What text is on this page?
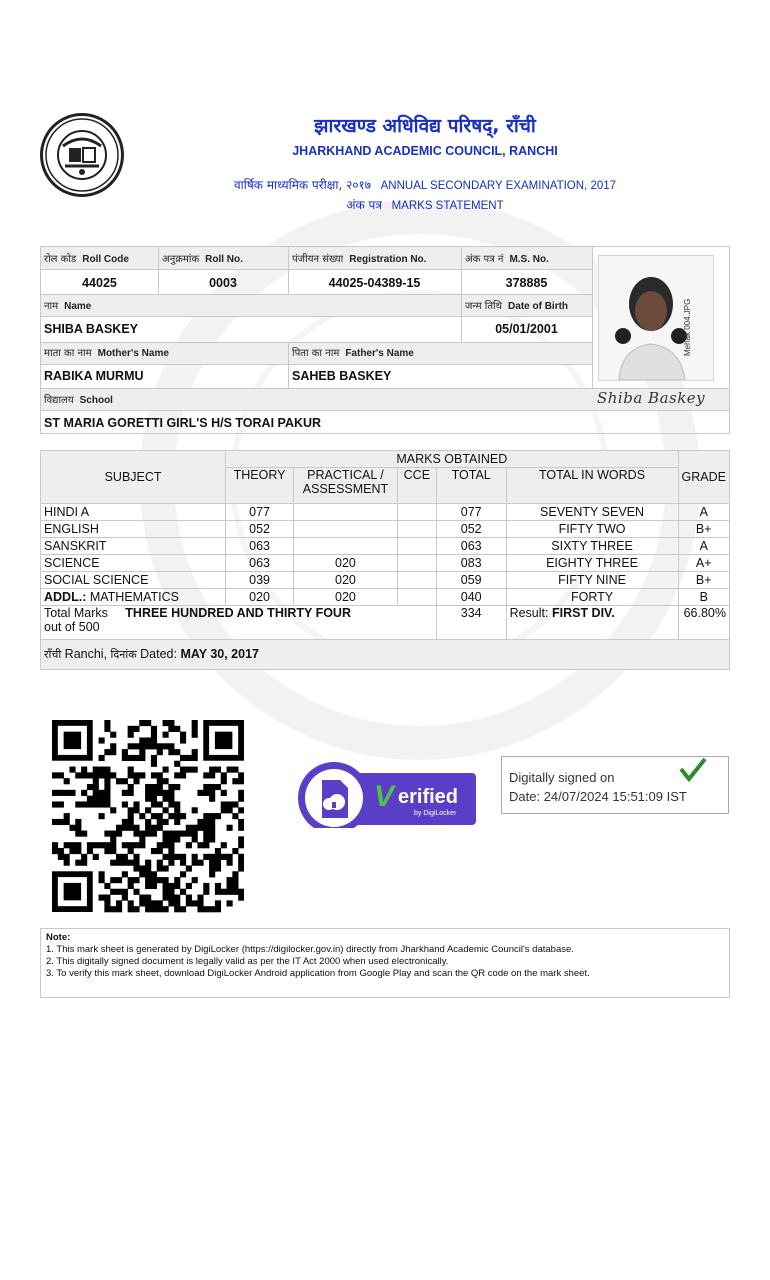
झारखण्ड अधिविद्य परिषद्, राँची
JHARKHAND ACADEMIC COUNCIL, RANCHI
वार्षिक माध्यमिक परीक्षा, २०१७ ANNUAL SECONDARY EXAMINATION, 2017
अंक पत्र MARKS STATEMENT
रोल कोड Roll Code	अनुक्रमांक Roll No.	पंजीयन संख्या Registration No.	अंक पत्र नं M.S. No.
44025	0003	44025-04389-15	378885
नाम Name	जन्म तिथि Date of Birth
SHIBA BASKEY	05/01/2001
माता का नाम Mother's Name	पिता का नाम Father's Name
RABIKA MURMU	SAHEB BASKEY
विद्यालय School
ST MARIA GORETTI GIRL'S H/S TORAI PAKUR
Mehak 004.JPG
Shiba Baskey
SUBJECT	MARKS OBTAINED					GRADE
	THEORY	PRACTICAL /
ASSESSMENT	CCE	TOTAL	TOTAL IN WORDS	
HINDI A	077			077	SEVENTY SEVEN	A
ENGLISH	052			052	FIFTY TWO	B+
SANSKRIT	063			063	SIXTY THREE	A
SCIENCE	063	020		083	EIGHTY THREE	A+
SOCIAL SCIENCE	039	020		059	FIFTY NINE	B+
ADDL.: MATHEMATICS	020	020		040	FORTY	B
Total Marks THREE HUNDRED AND THIRTY FOUR
out of 500				334	Result: FIRST DIV.	66.80%
राँची Ranchi, दिनांक Dated: MAY 30, 2017						
V erified
by DigiLocker
Digitally signed on
Date: 24/07/2024 15:51:09 IST
Note:
1. This mark sheet is generated by DigiLocker (https://digilocker.gov.in) directly from Jharkhand Academic Council's database.
2. This digitally signed document is legally valid as per the IT Act 2000 when used electronically.
3. To verify this mark sheet, download DigiLocker Android application from Google Play and scan the QR code on the mark sheet.
